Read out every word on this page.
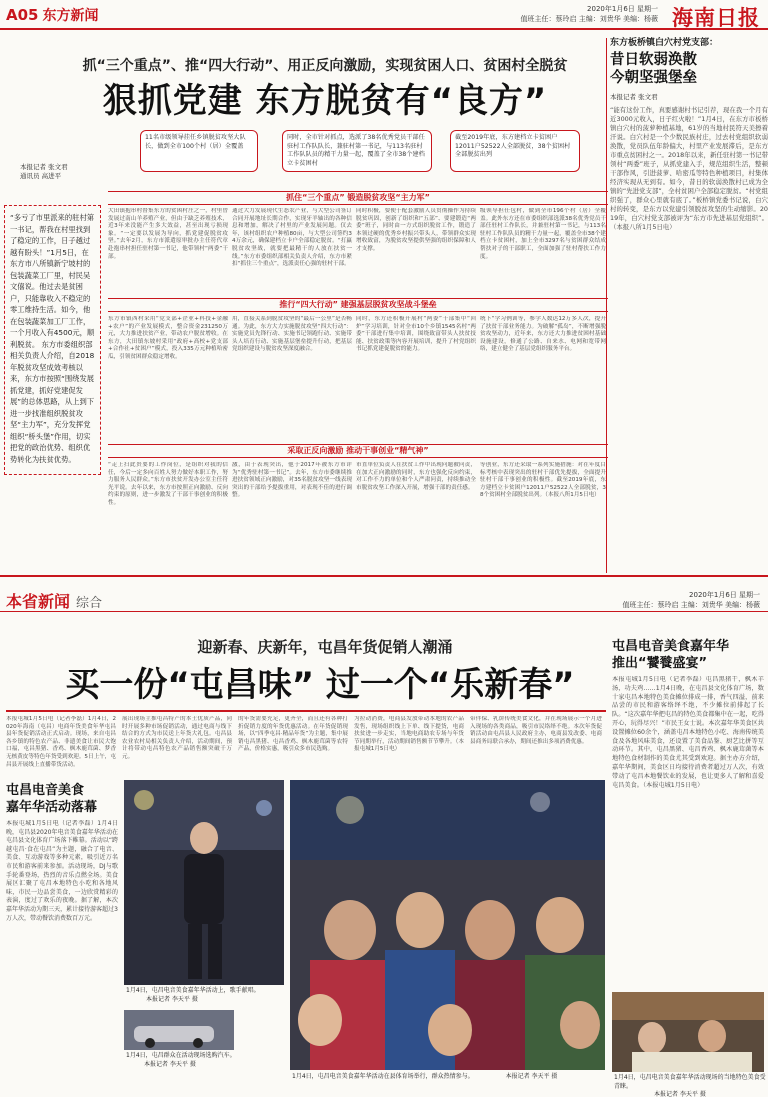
A05 东方新闻	2020年1月6日 星期一
值班主任：蔡玲启 主编：刘贵华 美编：杨薇 海南日报
抓“三个重点”、推“四大行动”、用正反向激励，实现贫困人口、贫困村全脱贫
狠抓党建 东方脱贫有“良方”
11名市级领导挂任乡镇脱贫攻坚大队长，做到全市100个村（居）全覆盖
同时，全市针对抓点，选派了38名优秀党员干部任驻村工作队队长，兼驻村第一书记，与113名驻村工作队队员的精干力量一起，覆盖了全市38个建档立卡贫困村
截至2019年底，东方建档立卡贫困户12011户52522人全部脱贫，38个贫困村全部脱贫出列
本报记者 张文君
通讯员 高进平
“多亏了市里派来的驻村第一书记，帮我在村里找到了稳定的工作，日子越过越有盼头！”1月5日，在东方市八所镇新宁坡村的包装蔬菜工厂里，村民吴文僖说。他过去是贫困户，只能靠收入不稳定的零工维持生活。如今，他在包装蔬菜加工厂工作，一个月收入有4500元，顺利脱贫。 东方市委组织部相关负责人介绍，自2018年脱贫攻坚成效考核以来，东方市按照“围绕发展抓党建，抓好党建促发展”的总体思路，从上到下进一步找准组织脱贫攻坚“主力军”，充分发挥党组织“桥头堡”作用，切实把党的政治优势、组织优势转化为扶贫优势。
抓住“三个重点” 锻造脱贫攻坚“主力军”
大田镇抱串村督集东方的贫困村庄之一，村里曾发展过南山羊养殖产业，但由于缺乏养殖技术，近3年来没能产生多大效益，甚至出现亏损现象。“一定要以发展为导向，抓党建促脱贫攻坚。”去年2月，东方市派遣原审批办主任符代章赴抱串村担任驻村第一书记，他带领村“两委”干部。
通过大力发展现代生态农产业，与大型公司签订合同开展地址长期合作，实现牙羊轴出的各种信息和增加，解决了村里的产业发展问题。仅去年，该村组织农户种植80亩，与大型公司签约34万余元，确保建档立卡户全部稳定脱贫。“打赢脱贫攻坚战，就要把最精干的人放在扶贫一线。”东方市委组织部相关负责人介绍，东方市紧扣“抓住三个重点”，选派责任心强的驻村干部。
同时积极，要便于配套激励人员贯彻操作为持续脱贫巩固，创新了组织和“五部”、要建锻造“两委”班子，同时由一方式组织脱贫工作，锻造了本领过硬的优秀乡村振兴带头人，带领群众实现增收致富，为脱贫攻坚提供坚强的组织保障和人才支撑。
级领导担任包村，做到全市196个村（居）全覆盖。此外东方还在市委组织部选派38名优秀党员干部任驻村工作队长，并兼驻村第一书记，与113名驻村工作队队员的精干力量一起，覆盖全市38个建档立卡贫困村，加上全市3297名与贫困群众结成帮扶对子的干部职工，全面加强了驻村帮扶工作力度。
推行“四大行动” 建强基层脱贫攻坚战斗堡垒
东方市镇西村采用“党支部+企业+科技+金融+农户”的产业发展模式，整合资金231250万元，大力推进扶贫产业，带动农户脱贫增收。在东方，大田镇东坡村采用“政府+高校+党支部+合作社+贫困户”模式，投入335万元种植哈密瓜，引领贫困群众稳定增收。
用，直接关系到脱贫攻坚的“最后一公里”是否畅通。为此，东方大力实施脱贫攻坚“四大行动”：实施党员先锋行动、实施书记领跑行动、实施带头人培育行动、实施基层堡垒提升行动，把基层党组织建设与脱贫攻坚深度融合。
同时，东方还积极开展村“两委”干部集中“回炉”学习培训，针对全市10个乡镇1545名村“两委”干部进行集中培训，围绕致富带头人扶贫技能、扶贫政策等内容开展培训，提升了村党组织书记抓党建促脱贫的能力。
统下“学习例训等，参学人数达12万多人次，提升了扶贫干部业务能力。为破解“孤岛”，不断增强脱贫攻坚动力，近年来，东方还大力推进贫困村基础设施建设，修通了公路、自来水、电网和宽带网络，建立健全了基层党组织服务平台。
采取正反向激励 推动干事创业“精气神”
“走上扫此贵要的工作岗位，是组织对我的信任，今后一定多向百姓人努力做好本职工作，努力服务人民群众。”东方市扶贫开发办公室主任符光平说。去年以来，东方市按照正向激励、反向约束的原则，进一步激发了干部干事创业的积极性。
激，由于表现突出，他于2017年被东方市评为“优秀驻村第一书记”。去年，东方市委继续推进扶贫领域正向激励，对35名脱贫攻坚一线表现突出的干部给予提拔重用，对表现不佳的进行调整。
市直单位负责人在扶贫工作中出现问题被问责，在加大正向激励的同时，东方也强化反向约束，对工作不力的单位和个人严肃问责，持续推动全市脱贫攻坚工作深入开展，增强干部的责任感。
等创业，东方还采取一系列实施措施：对在年度目标考核中表现突出的驻村干部优先提拔，全面提升驻村干部干事创业的积极性。截至2019年底，东方建档立卡贫困户12011户52522人全部脱贫，38个贫困村全部脱贫出列。（本报八所1月5日电）
东方板桥镇白穴村党支部：
昔日软弱涣散
今朝坚强堡垒
本报记者 张文君
“能有这份工作，真要感谢村书记引荐，现在我一个月有近3000元收入，日子红火啦！”1月4日，在东方市板桥镇白穴村的菠萝种植基地，61岁的当地村民符天美擦着汗说。白穴村是一个少数民族村庄，过去村党组织软弱涣散，党员队伍年龄偏大，村里产业发展滞后，是东方市重点贫困村之一。2018年以来，新任驻村第一书记带领村“两委”班子，从抓党建入手，规范组织生活，整顿干部作风，引进菠萝、哈密瓜等特色种植项目，村集体经济实现从无到有。如今，昔日的软弱涣散村已成为全镇的“先进党支部”，全村贫困户全部稳定脱贫。“村党组织强了，群众心里就有底了。”板桥镇党委书记说，白穴村的转变，是东方以党建引领脱贫攻坚的生动缩影。2019年，白穴村党支部被评为“东方市先进基层党组织”。（本报八所1月5日电）
本省新闻 综合
2020年1月6日 星期一
值班主任：蔡玲启 主编：刘贵华 美编：杨薇
迎新春、庆新年，屯昌年货促销人潮涌
买一份“屯昌味” 过一个“乐新春”
本报屯城1月5日电（记者李磊）1月4日，2020年海南（屯昌）电商年货美食年华屯昌县年货促销活动正式启动。现场，来自屯昌各乡镇的特色农产品、非遗美食让市民大饱口福，屯昌黑猪、香鸡、枫木鹿茸菌、梦香无核黄皮等特色年货受到欢迎。5日上午，屯昌县开展线上直播带货活动。
展出现场主推屯昌特产的本土优质产品，同时开展多种市场促销活动，通过电商与线下结合的方式为市民送上年货大礼包。屯昌县农业农村局相关负责人介绍，活动期间，预计将带动屯昌特色农产品销售额突破千万元。
的年货需要充足，更齐全，而且还有各种打折促销力度的年货优惠活动。在年货促销现场，以“四季屯昌·精品年货”为主题，集中展销屯昌黑猪、屯昌香鸡、枫木鹿茸菌等农特产品，价格实惠，吸引众多市民选购。
为拉动消费，电商县发放带动本地的农产品发售，现场组织线上下单、线下提货，电商扶贫进一步走实，当地电商助农专场与年货节同期举行，活动期间销售额节节攀升。（本报屯城1月5日电）
带伴保、乳饼传统美食文化，并在现场展示一个月进入现场的各类商品，吸引市民络绎不绝。本次年货促销活动由屯昌县人民政府主办，电商县发改委、电商县商务局联合承办，期间还推出多项消费优惠。
屯昌电音美食
嘉年华活动落幕
本报屯城1月5日电（记者李磊）1月4日晚，屯昌县2020年电音美食嘉年华活动在屯昌县文化体育广场落下帷幕。活动以“跨越屯昌·食在屯昌”为主题，融合了电音、美食、互动游戏等多种元素，吸引近万名市民和游客前来参加。活动现场，DJ与歌手轮番登场，热烈的音乐点燃全场。美食展区汇聚了屯昌本地特色小吃和各地风味，市民一边品尝美食，一边欣赏精彩的表演，度过了欢乐的夜晚。据了解，本次嘉年华活动为期三天，累计接待游客超过3万人次，带动餐饮消费数百万元。
1月4日，屯昌电音美食嘉年华活动上，歌手献唱。
本报记者 李天平 摄
1月4日，屯昌群众在活动现场选购汽车。
本报记者 李天平 摄
1月4日，屯昌电音美食嘉年华活动在县体育场举行，群众热情参与。	本报记者 李天平 摄
屯昌电音美食嘉年华
推出“饕餮盛宴”
本报屯城1月5日电（记者李磊）屯昌黑猪干，枫木羊汤，功夫鸡……1月4日晚，在屯昌县文化体育广场，数十家屯昌本地特色美食摊位排成一排，香气四溢，前来品尝的市民和游客络绎不绝，不少摊位前排起了长队。“这次嘉年华把屯昌的特色美食都集中在一起，吃得开心，玩得尽兴！”市民王女士说。本次嘉年华美食区共设置摊位60余个，涵盖屯昌本地特色小吃、海南传统美食及各地风味美食，还设置了美食品鉴、厨艺比拼等互动环节。其中，屯昌黑猪、屯昌香鸡、枫木鹿茸菌等本地特色食材制作的美食尤其受到欢迎。据主办方介绍，嘉年华期间，美食区日均接待消费者超过万人次，有效带动了屯昌本地餐饮业的发展，也让更多人了解和喜爱屯昌美食。（本报屯城1月5日电）
1月4日，屯昌电音美食嘉年华活动现场的当地特色美食受青睐。
本报记者 李天平 摄
